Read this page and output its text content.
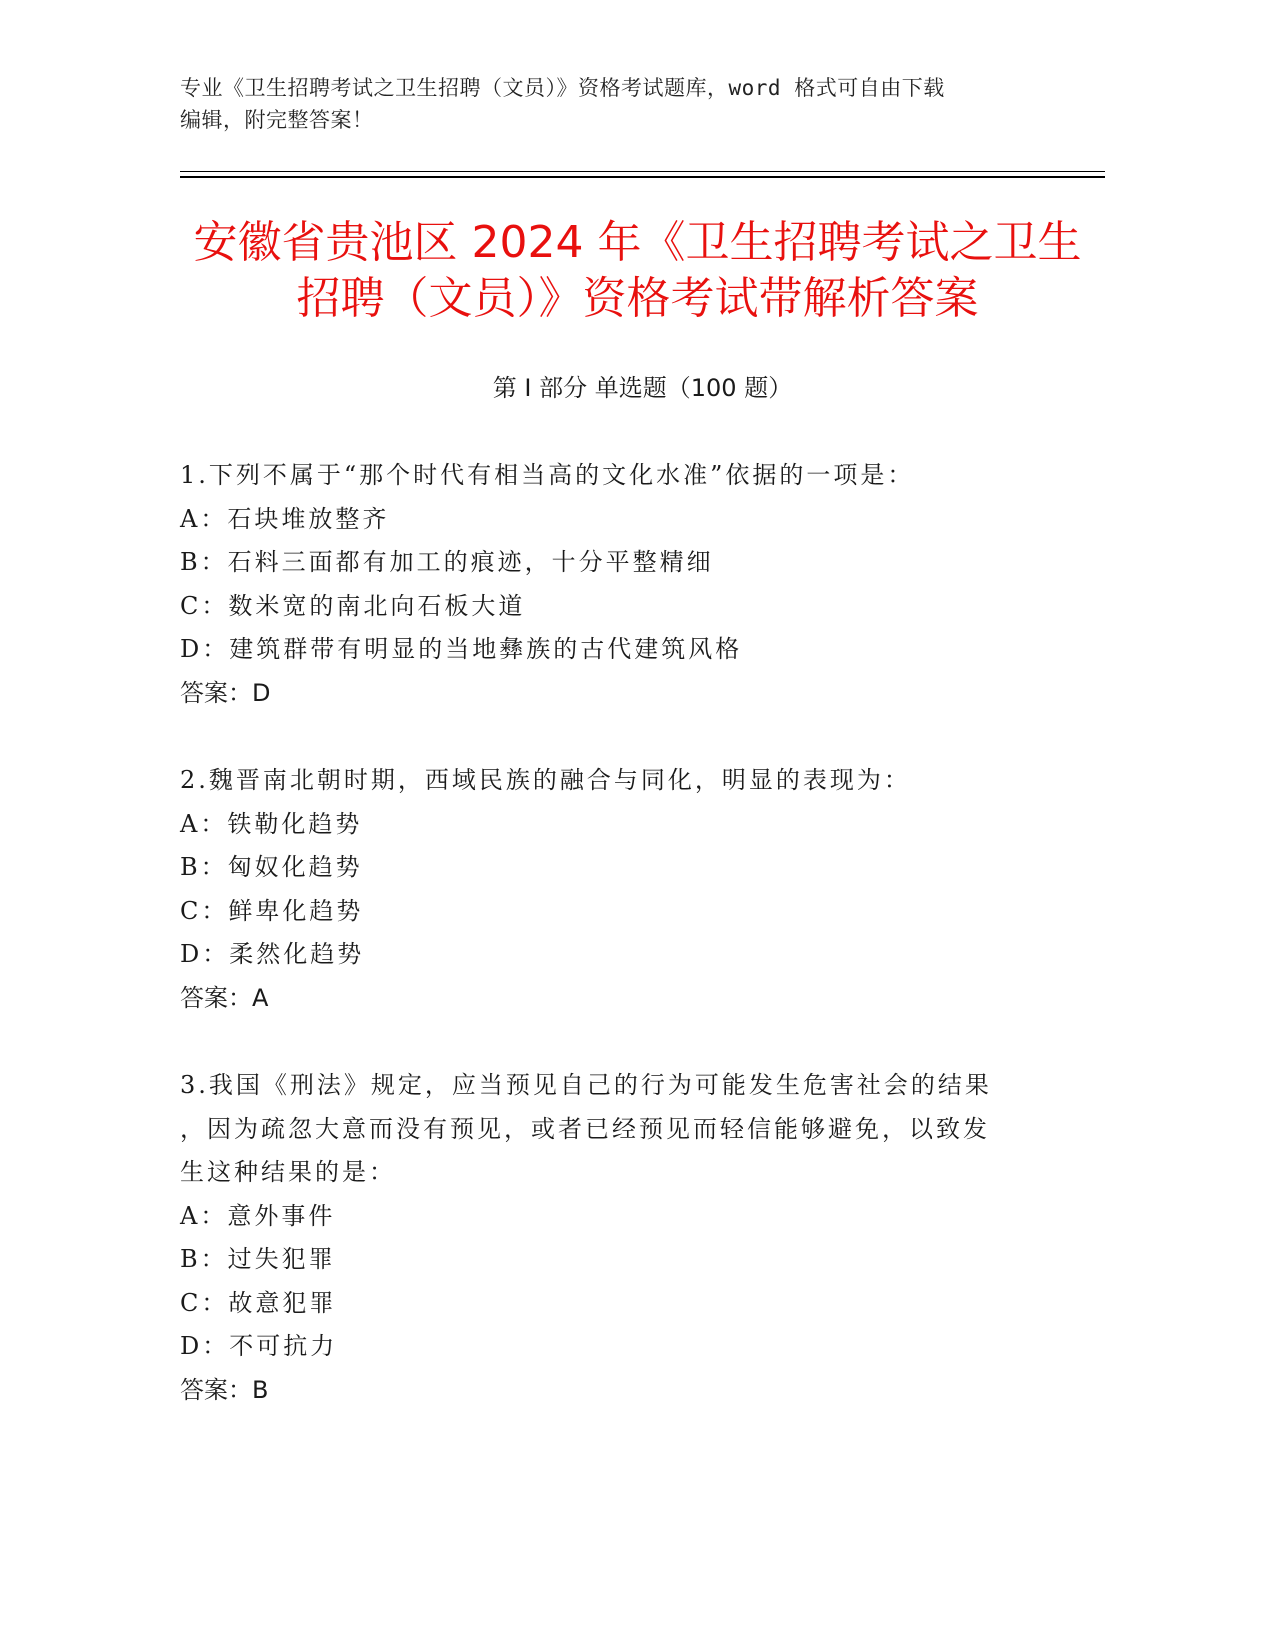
专业《卫生招聘考试之卫生招聘（文员）》资格考试题库，word 格式可自由下载
编辑，附完整答案！
安徽省贵池区 2024 年《卫生招聘考试之卫生
招聘（文员）》资格考试带解析答案
第 I 部分 单选题（100 题）

1.下列不属于“那个时代有相当高的文化水准”依据的一项是：

A：石块堆放整齐

B：石料三面都有加工的痕迹，十分平整精细

C：数米宽的南北向石板大道

D：建筑群带有明显的当地彝族的古代建筑风格

答案：D

2.魏晋南北朝时期，西域民族的融合与同化，明显的表现为：

A：铁勒化趋势

B：匈奴化趋势

C：鲜卑化趋势

D：柔然化趋势

答案：A

3.我国《刑法》规定，应当预见自己的行为可能发生危害社会的结果

，因为疏忽大意而没有预见，或者已经预见而轻信能够避免，以致发

生这种结果的是：

A：意外事件

B：过失犯罪

C：故意犯罪

D：不可抗力

答案：B
